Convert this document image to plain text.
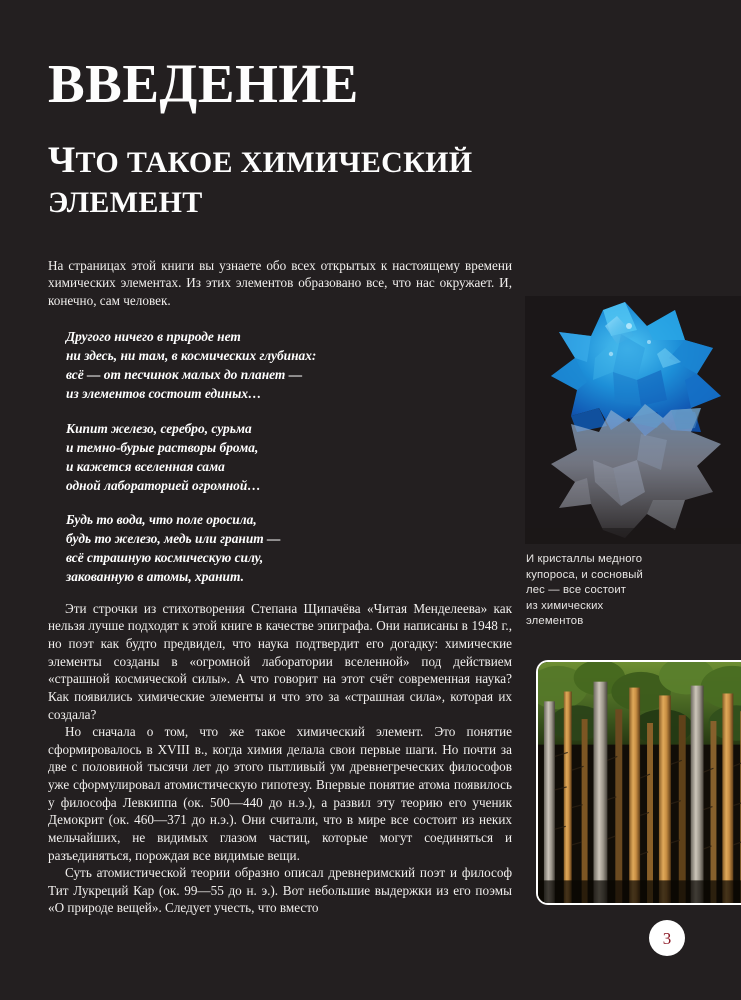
ВВЕДЕНИЕ
ЧТО ТАКОЕ ХИМИЧЕСКИЙ
ЭЛЕМЕНТ

На страницах этой книги вы узнаете обо всех открытых к настоящему времени химических элементах. Из этих элементов образовано все, что нас окружает. И, конечно, сам человек.

Другого ничего в природе нет
ни здесь, ни там, в космических глубинах:
всё — от песчинок малых до планет —
из элементов состоит единых…
Кипит железо, серебро, сурьма
и темно-бурые растворы брома,
и кажется вселенная сама
одной лабораторией огромной…
Будь то вода, что поле оросила,
будь то железо, медь или гранит —
всё страшную космическую силу,
закованную в атомы, хранит.

Эти строчки из стихотворения Степана Щипачёва «Читая Менделеева» как нельзя лучше подходят к этой книге в качестве эпиграфа. Они написаны в 1948 г., но поэт как будто предвидел, что наука подтвердит его догадку: химические элементы созданы в «огромной лаборатории вселенной» под действием «страшной космической силы». А что говорит на этот счёт современная наука? Как появились химические элементы и что это за «страшная сила», которая их создала?

Но сначала о том, что же такое химический элемент. Это понятие сформировалось в XVIII в., когда химия делала свои первые шаги. Но почти за две с половиной тысячи лет до этого пытливый ум древнегреческих философов уже сформулировал атомистическую гипотезу. Впервые понятие атома появилось у философа Левкиппа (ок. 500—440 до н.э.), а развил эту теорию его ученик Демокрит (ок. 460—371 до н.э.). Они считали, что в мире все состоит из неких мельчайших, не видимых глазом частиц, которые могут соединяться и разъединяться, порождая все видимые вещи.

Суть атомистической теории образно описал древнеримский поэт и философ Тит Лукреций Кар (ок. 99—55 до н. э.). Вот небольшие выдержки из его поэмы «О природе вещей». Следует учесть, что вместо

И кристаллы медного
купороса, и сосновый
лес — все состоит
из химических
элементов
3
